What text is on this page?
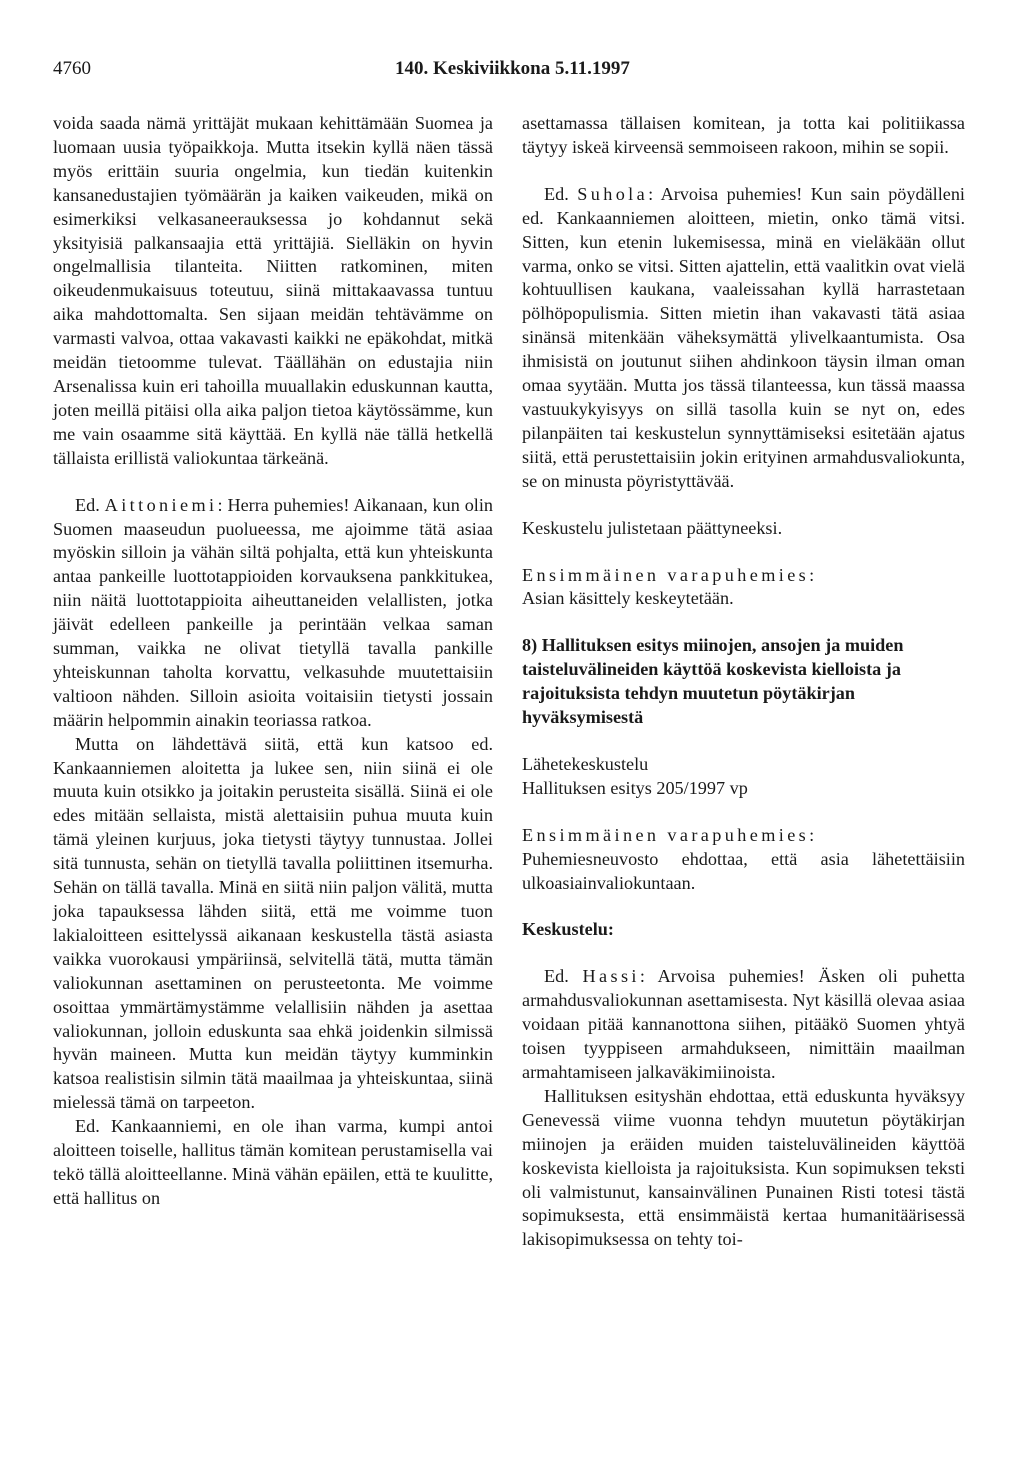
4760	140. Keskiviikkona 5.11.1997

voida saada nämä yrittäjät mukaan kehittämään Suomea ja luomaan uusia työpaikkoja. Mutta itsekin kyllä näen tässä myös erittäin suuria ongelmia, kun tiedän kuitenkin kansanedustajien työmäärän ja kaiken vaikeuden, mikä on esimerkiksi velkasaneerauksessa jo kohdannut sekä yksityisiä palkansaajia että yrittäjiä. Sielläkin on hyvin ongelmallisia tilanteita. Niitten ratkominen, miten oikeudenmukaisuus toteutuu, siinä mittakaavassa tuntuu aika mahdottomalta. Sen sijaan meidän tehtävämme on varmasti valvoa, ottaa vakavasti kaikki ne epäkohdat, mitkä meidän tietoomme tulevat. Täällähän on edustajia niin Arsenalissa kuin eri tahoilla muuallakin eduskunnan kautta, joten meillä pitäisi olla aika paljon tietoa käytössämme, kun me vain osaamme sitä käyttää. En kyllä näe tällä hetkellä tällaista erillistä valiokuntaa tärkeänä.

Ed. Aittoniemi: Herra puhemies! Aikanaan, kun olin Suomen maaseudun puolueessa, me ajoimme tätä asiaa myöskin silloin ja vähän siltä pohjalta, että kun yhteiskunta antaa pankeille luottotappioiden korvauksena pankkitukea, niin näitä luottotappioita aiheuttaneiden velallisten, jotka jäivät edelleen pankeille ja perintään velkaa saman summan, vaikka ne olivat tietyllä tavalla pankille yhteiskunnan taholta korvattu, velkasuhde muutettaisiin valtioon nähden. Silloin asioita voitaisiin tietysti jossain määrin helpommin ainakin teoriassa ratkoa.

Mutta on lähdettävä siitä, että kun katsoo ed. Kankaanniemen aloitetta ja lukee sen, niin siinä ei ole muuta kuin otsikko ja joitakin perusteita sisällä. Siinä ei ole edes mitään sellaista, mistä alettaisiin puhua muuta kuin tämä yleinen kurjuus, joka tietysti täytyy tunnustaa. Jollei sitä tunnusta, sehän on tietyllä tavalla poliittinen itsemurha. Sehän on tällä tavalla. Minä en siitä niin paljon välitä, mutta joka tapauksessa lähden siitä, että me voimme tuon lakialoitteen esittelyssä aikanaan keskustella tästä asiasta vaikka vuorokausi ympäriinsä, selvitellä tätä, mutta tämän valiokunnan asettaminen on perusteetonta. Me voimme osoittaa ymmärtämystämme velallisiin nähden ja asettaa valiokunnan, jolloin eduskunta saa ehkä joidenkin silmissä hyvän maineen. Mutta kun meidän täytyy kumminkin katsoa realistisin silmin tätä maailmaa ja yhteiskuntaa, siinä mielessä tämä on tarpeeton.

Ed. Kankaanniemi, en ole ihan varma, kumpi antoi aloitteen toiselle, hallitus tämän komitean perustamisella vai tekö tällä aloitteellanne. Minä vähän epäilen, että te kuulitte, että hallitus on

asettamassa tällaisen komitean, ja totta kai politiikassa täytyy iskeä kirveensä semmoiseen rakoon, mihin se sopii.

Ed. Suhola: Arvoisa puhemies! Kun sain pöydälleni ed. Kankaanniemen aloitteen, mietin, onko tämä vitsi. Sitten, kun etenin lukemisessa, minä en vieläkään ollut varma, onko se vitsi. Sitten ajattelin, että vaalitkin ovat vielä kohtuullisen kaukana, vaaleissahan kyllä harrastetaan pölhöpopulismia. Sitten mietin ihan vakavasti tätä asiaa sinänsä mitenkään väheksymättä ylivelkaantumista. Osa ihmisistä on joutunut siihen ahdinkoon täysin ilman oman omaa syytään. Mutta jos tässä tilanteessa, kun tässä maassa vastuukykyisyys on sillä tasolla kuin se nyt on, edes pilanpäiten tai keskustelun synnyttämiseksi esitetään ajatus siitä, että perustettaisiin jokin erityinen armahdusvaliokunta, se on minusta pöyristyttävää.

Keskustelu julistetaan päättyneeksi.

Ensimmäinen varapuhemies:
Asian käsittely keskeytetään.

8) Hallituksen esitys miinojen, ansojen ja muiden taisteluvälineiden käyttöä koskevista kielloista ja rajoituksista tehdyn muutetun pöytäkirjan hyväksymisestä

Lähetekeskustelu
Hallituksen esitys 205/1997 vp

Ensimmäinen varapuhemies:
Puhemiesneuvosto ehdottaa, että asia lähetettäisiin ulkoasiainvaliokuntaan.

Keskustelu:

Ed. Hassi: Arvoisa puhemies! Äsken oli puhetta armahdusvaliokunnan asettamisesta. Nyt käsillä olevaa asiaa voidaan pitää kannanottona siihen, pitääkö Suomen yhtyä toisen tyyppiseen armahdukseen, nimittäin maailman armahtamiseen jalkaväkimiinoista.

Hallituksen esityshän ehdottaa, että eduskunta hyväksyy Genevessä viime vuonna tehdyn muutetun pöytäkirjan miinojen ja eräiden muiden taisteluvälineiden käyttöä koskevista kielloista ja rajoituksista. Kun sopimuksen teksti oli valmistunut, kansainvälinen Punainen Risti totesi tästä sopimuksesta, että ensimmäistä kertaa humanitäärisessä lakisopimuksessa on tehty toi-
